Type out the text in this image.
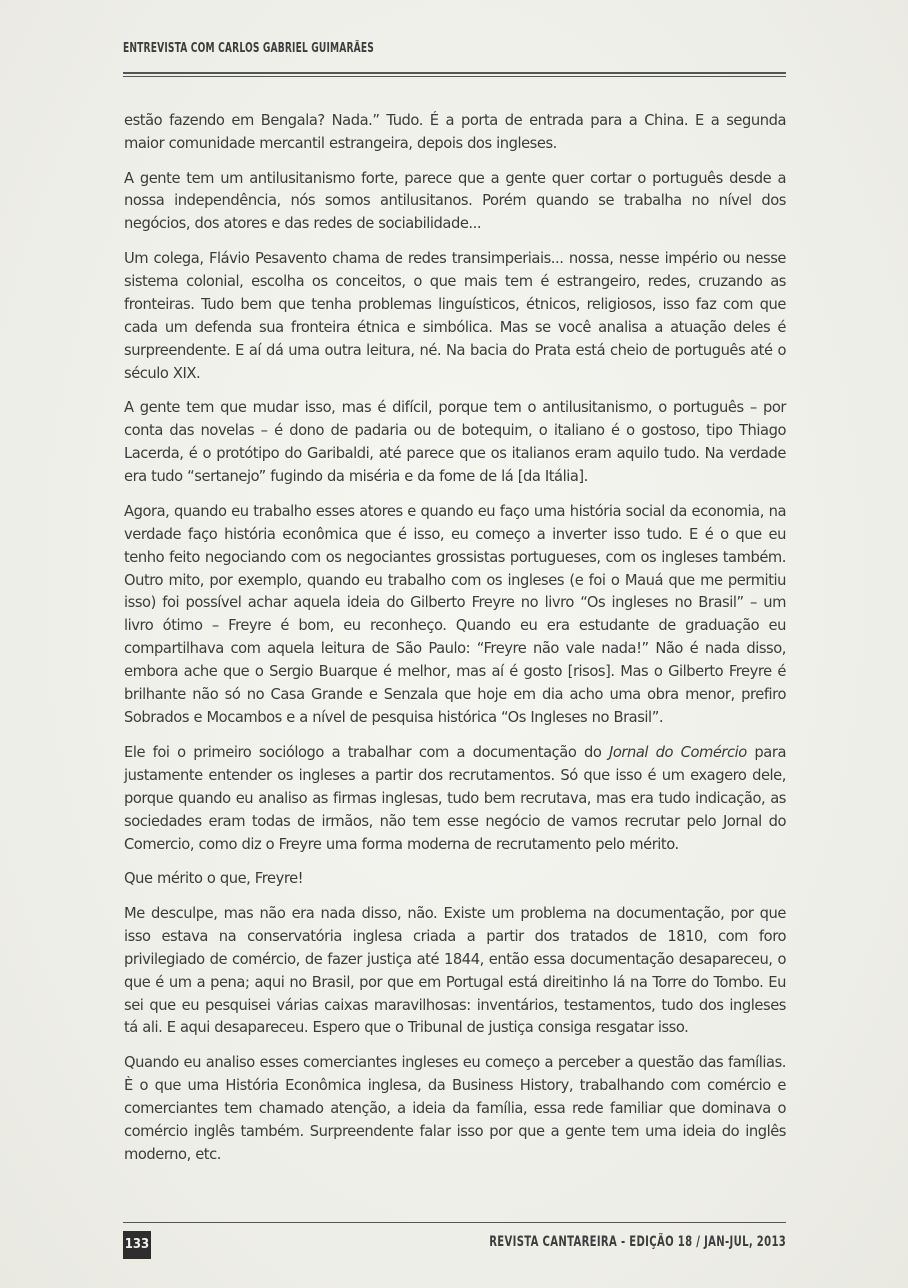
ENTREVISTA COM CARLOS GABRIEL GUIMARÃES

estão fazendo em Bengala? Nada.” Tudo. É a porta de entrada para a China. E a segunda maior comunidade mercantil estrangeira, depois dos ingleses.

A gente tem um antilusitanismo forte, parece que a gente quer cortar o português desde a nossa independência, nós somos antilusitanos. Porém quando se trabalha no nível dos negócios, dos atores e das redes de sociabilidade...

Um colega, Flávio Pesavento chama de redes transimperiais... nossa, nesse império ou nesse sistema colonial, escolha os conceitos, o que mais tem é estrangeiro, redes, cruzando as fronteiras. Tudo bem que tenha problemas linguísticos, étnicos, religiosos, isso faz com que cada um defenda sua fronteira étnica e simbólica. Mas se você analisa a atuação deles é surpreendente. E aí dá uma outra leitura, né. Na bacia do Prata está cheio de português até o século XIX.

A gente tem que mudar isso, mas é difícil, porque tem o antilusitanismo, o português – por conta das novelas – é dono de padaria ou de botequim, o italiano é o gostoso, tipo Thiago Lacerda, é o protótipo do Garibaldi, até parece que os italianos eram aquilo tudo. Na verdade era tudo “sertanejo” fugindo da miséria e da fome de lá [da Itália].

Agora, quando eu trabalho esses atores e quando eu faço uma história social da economia, na verdade faço história econômica que é isso, eu começo a inverter isso tudo. E é o que eu tenho feito negociando com os negociantes grossistas portugueses, com os ingleses também. Outro mito, por exemplo, quando eu trabalho com os ingleses (e foi o Mauá que me permitiu isso) foi possível achar aquela ideia do Gilberto Freyre no livro “Os ingleses no Brasil” – um livro ótimo – Freyre é bom, eu reconheço. Quando eu era estudante de graduação eu compartilhava com aquela leitura de São Paulo: “Freyre não vale nada!” Não é nada disso, embora ache que o Sergio Buarque é melhor, mas aí é gosto [risos]. Mas o Gilberto Freyre é brilhante não só no Casa Grande e Senzala que hoje em dia acho uma obra menor, prefiro Sobrados e Mocambos e a nível de pesquisa histórica “Os Ingleses no Brasil”.

Ele foi o primeiro sociólogo a trabalhar com a documentação do Jornal do Comércio para justamente entender os ingleses a partir dos recrutamentos. Só que isso é um exagero dele, porque quando eu analiso as firmas inglesas, tudo bem recrutava, mas era tudo indicação, as sociedades eram todas de irmãos, não tem esse negócio de vamos recrutar pelo Jornal do Comercio, como diz o Freyre uma forma moderna de recrutamento pelo mérito.

Que mérito o que, Freyre!

Me desculpe, mas não era nada disso, não. Existe um problema na documentação, por que isso estava na conservatória inglesa criada a partir dos tratados de 1810, com foro privilegiado de comércio, de fazer justiça até 1844, então essa documentação desapareceu, o que é um a pena; aqui no Brasil, por que em Portugal está direitinho lá na Torre do Tombo. Eu sei que eu pesquisei várias caixas maravilhosas: inventários, testamentos, tudo dos ingleses tá ali. E aqui desapareceu. Espero que o Tribunal de justiça consiga resgatar isso.

Quando eu analiso esses comerciantes ingleses eu começo a perceber a questão das famílias. È o que uma História Econômica inglesa, da Business History, trabalhando com comércio e comerciantes tem chamado atenção, a ideia da família, essa rede familiar que dominava o comércio inglês também. Surpreendente falar isso por que a gente tem uma ideia do inglês moderno, etc.

133	REVISTA CANTAREIRA - EDIÇÃO 18 / JAN-JUL, 2013
